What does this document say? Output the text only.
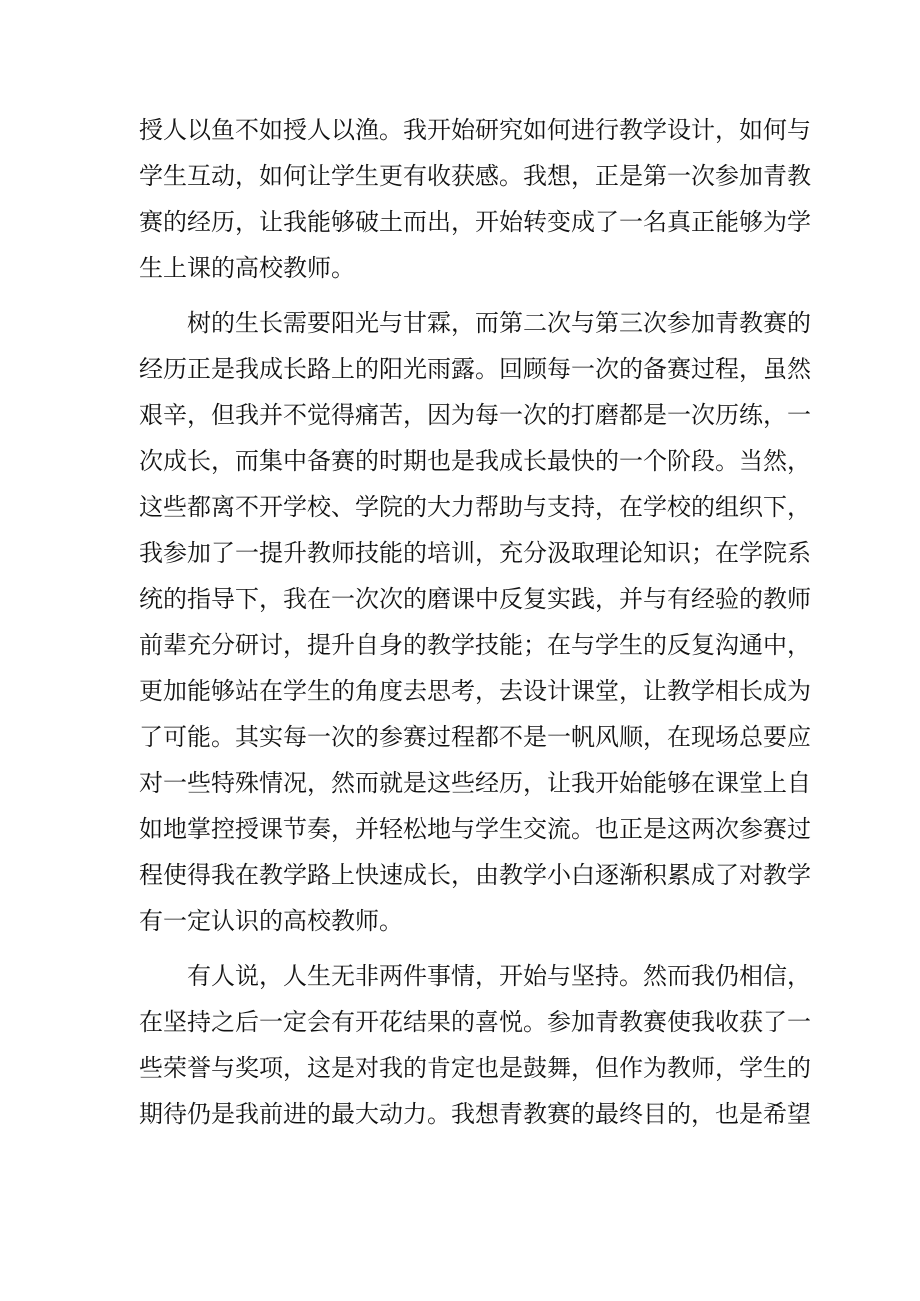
授人以鱼不如授人以渔。我开始研究如何进行教学设计，如何与
学生互动，如何让学生更有收获感。我想，正是第一次参加青教
赛的经历，让我能够破土而出，开始转变成了一名真正能够为学
生上课的高校教师。
　　树的生长需要阳光与甘霖，而第二次与第三次参加青教赛的
经历正是我成长路上的阳光雨露。回顾每一次的备赛过程，虽然
艰辛，但我并不觉得痛苦，因为每一次的打磨都是一次历练，一
次成长，而集中备赛的时期也是我成长最快的一个阶段。当然，
这些都离不开学校、学院的大力帮助与支持，在学校的组织下，
我参加了一提升教师技能的培训，充分汲取理论知识；在学院系
统的指导下，我在一次次的磨课中反复实践，并与有经验的教师
前辈充分研讨，提升自身的教学技能；在与学生的反复沟通中，
更加能够站在学生的角度去思考，去设计课堂，让教学相长成为
了可能。其实每一次的参赛过程都不是一帆风顺，在现场总要应
对一些特殊情况，然而就是这些经历，让我开始能够在课堂上自
如地掌控授课节奏，并轻松地与学生交流。也正是这两次参赛过
程使得我在教学路上快速成长，由教学小白逐渐积累成了对教学
有一定认识的高校教师。
　　有人说，人生无非两件事情，开始与坚持。然而我仍相信，
在坚持之后一定会有开花结果的喜悦。参加青教赛使我收获了一
些荣誉与奖项，这是对我的肯定也是鼓舞，但作为教师，学生的
期待仍是我前进的最大动力。我想青教赛的最终目的，也是希望
